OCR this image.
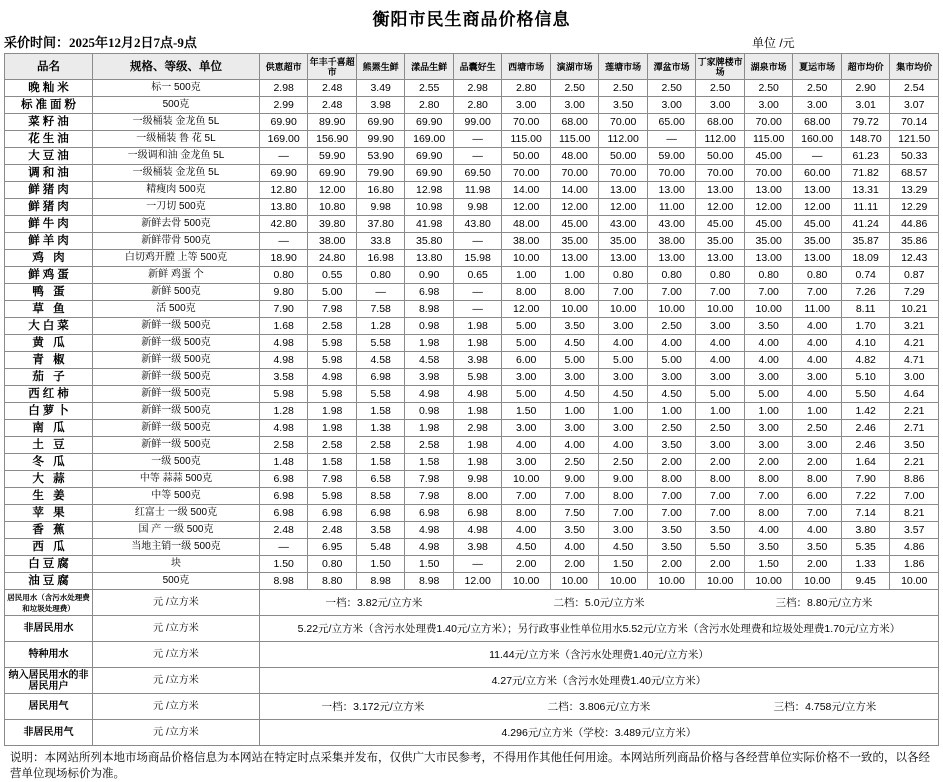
衡阳市民生商品价格信息
采价时间：2025年12月2日7点-9点	单位 /元
品名	规格、等级、单位	供恵超市	年丰千喜超市	熊罴生鲜	漾品生鲜	品囊好生	西塘市场	演湖市场	莲塘市场	潭盆市场	丁家牌楼市场	湖泉市场	夏运市场	超市均价	集市均价
晚籼米	标一 500克	2.98	2.48	3.49	2.55	2.98	2.80	2.50	2.50	2.50	2.50	2.50	2.50	2.90	2.54
标准面粉	500克	2.99	2.48	3.98	2.80	2.80	3.00	3.00	3.50	3.00	3.00	3.00	3.00	3.01	3.07
菜籽油	一级桶装 金龙鱼 5L	69.90	89.90	69.90	69.90	99.00	70.00	68.00	70.00	65.00	68.00	70.00	68.00	79.72	70.14
花生油	一级桶装 鲁 花 5L	169.00	156.90	99.90	169.00	—	115.00	115.00	112.00	—	112.00	115.00	160.00	148.70	121.50
大豆油	一级调和油 金龙鱼 5L	—	59.90	53.90	69.90	—	50.00	48.00	50.00	59.00	50.00	45.00	—	61.23	50.33
调和油	一级桶装 金龙鱼 5L	69.90	69.90	79.90	69.90	69.50	70.00	70.00	70.00	70.00	70.00	70.00	60.00	71.82	68.57
鲜猪肉	精瘦肉 500克	12.80	12.00	16.80	12.98	11.98	14.00	14.00	13.00	13.00	13.00	13.00	13.00	13.31	13.29
鲜猪肉	一刀切 500克	13.80	10.80	9.98	10.98	9.98	12.00	12.00	12.00	11.00	12.00	12.00	12.00	11.11	12.29
鲜牛肉	新鲜去骨 500克	42.80	39.80	37.80	41.98	43.80	48.00	45.00	43.00	43.00	45.00	45.00	45.00	41.24	44.86
鲜羊肉	新鲜带骨 500克	—	38.00	33.8	35.80	—	38.00	35.00	35.00	38.00	35.00	35.00	35.00	35.87	35.86
鸡 肉	白切鸡开膛 上等 500克	18.90	24.80	16.98	13.80	15.98	10.00	13.00	13.00	13.00	13.00	13.00	13.00	18.09	12.43
鲜鸡蛋	新鲜 鸡蛋 个	0.80	0.55	0.80	0.90	0.65	1.00	1.00	0.80	0.80	0.80	0.80	0.80	0.74	0.87
鸭 蛋	新鲜 500克	9.80	5.00	—	6.98	—	8.00	8.00	7.00	7.00	7.00	7.00	7.00	7.26	7.29
草 鱼	活 500克	7.90	7.98	7.58	8.98	—	12.00	10.00	10.00	10.00	10.00	10.00	11.00	8.11	10.21
大白菜	新鲜一级 500克	1.68	2.58	1.28	0.98	1.98	5.00	3.50	3.00	2.50	3.00	3.50	4.00	1.70	3.21
黄 瓜	新鲜一级 500克	4.98	5.98	5.58	1.98	1.98	5.00	4.50	4.00	4.00	4.00	4.00	4.00	4.10	4.21
青 椒	新鲜一级 500克	4.98	5.98	4.58	4.58	3.98	6.00	5.00	5.00	5.00	4.00	4.00	4.00	4.82	4.71
茄 子	新鲜一级 500克	3.58	4.98	6.98	3.98	5.98	3.00	3.00	3.00	3.00	3.00	3.00	3.00	5.10	3.00
西红柿	新鲜一级 500克	5.98	5.98	5.58	4.98	4.98	5.00	4.50	4.50	4.50	5.00	5.00	4.00	5.50	4.64
白萝卜	新鲜一级 500克	1.28	1.98	1.58	0.98	1.98	1.50	1.00	1.00	1.00	1.00	1.00	1.00	1.42	2.21
南 瓜	新鲜一级 500克	4.98	1.98	1.38	1.98	2.98	3.00	3.00	3.00	2.50	2.50	3.00	2.50	2.46	2.71
土 豆	新鲜一级 500克	2.58	2.58	2.58	2.58	1.98	4.00	4.00	4.00	3.50	3.00	3.00	3.00	2.46	3.50
冬 瓜	一级 500克	1.48	1.58	1.58	1.58	1.98	3.00	2.50	2.50	2.00	2.00	2.00	2.00	1.64	2.21
大 蒜	中等 蒜蒜 500克	6.98	7.98	6.58	7.98	9.98	10.00	9.00	9.00	8.00	8.00	8.00	8.00	7.90	8.86
生 姜	中等 500克	6.98	5.98	8.58	7.98	8.00	7.00	7.00	8.00	7.00	7.00	7.00	6.00	7.22	7.00
苹 果	红富士 一级 500克	6.98	6.98	6.98	6.98	6.98	8.00	7.50	7.00	7.00	7.00	8.00	7.00	7.14	8.21
香 蕉	国 产 一级 500克	2.48	2.48	3.58	4.98	4.98	4.00	3.50	3.00	3.50	3.50	4.00	4.00	3.80	3.57
西 瓜	当地主销一级 500克	—	6.95	5.48	4.98	3.98	4.50	4.00	4.50	3.50	5.50	3.50	3.50	5.35	4.86
白豆腐	块	1.50	0.80	1.50	1.50	—	2.00	2.00	1.50	2.00	2.00	1.50	2.00	1.33	1.86
油豆腐	500克	8.98	8.80	8.98	8.98	12.00	10.00	10.00	10.00	10.00	10.00	10.00	10.00	9.45	10.00
居民用水（含污水处理费和垃圾处理费）	元 /立方米	一档：3.82元/立方米 二档：5.0元/立方米 三档：8.80元/立方米													

非居民用水	元 /立方米	5.22元/立方米（含污水处理费1.40元/立方米）；另行政事业性单位用水5.52元/立方米（含污水处理费和垃圾处理费1.70元/立方米）													
特种用水	元 /立方米	11.44元/立方米（含污水处理费1.40元/立方米）													
纳入居民用水的非居民用户	元 /立方米	4.27元/立方米（含污水处理费1.40元/立方米）													
居民用气	元 /立方米	一档：3.172元/立方米 二档：3.806元/立方米 三档：4.758元/立方米													

非居民用气	元 /立方米	4.296元/立方米（学校：3.489元/立方米）													
说明：本网站所列本地市场商品价格信息为本网站在特定时点采集并发布，仅供广大市民参考，不得用作其他任何用途。本网站所列商品价格与各经营单位实际价格不一致的，以各经营单位现场标价为准。
